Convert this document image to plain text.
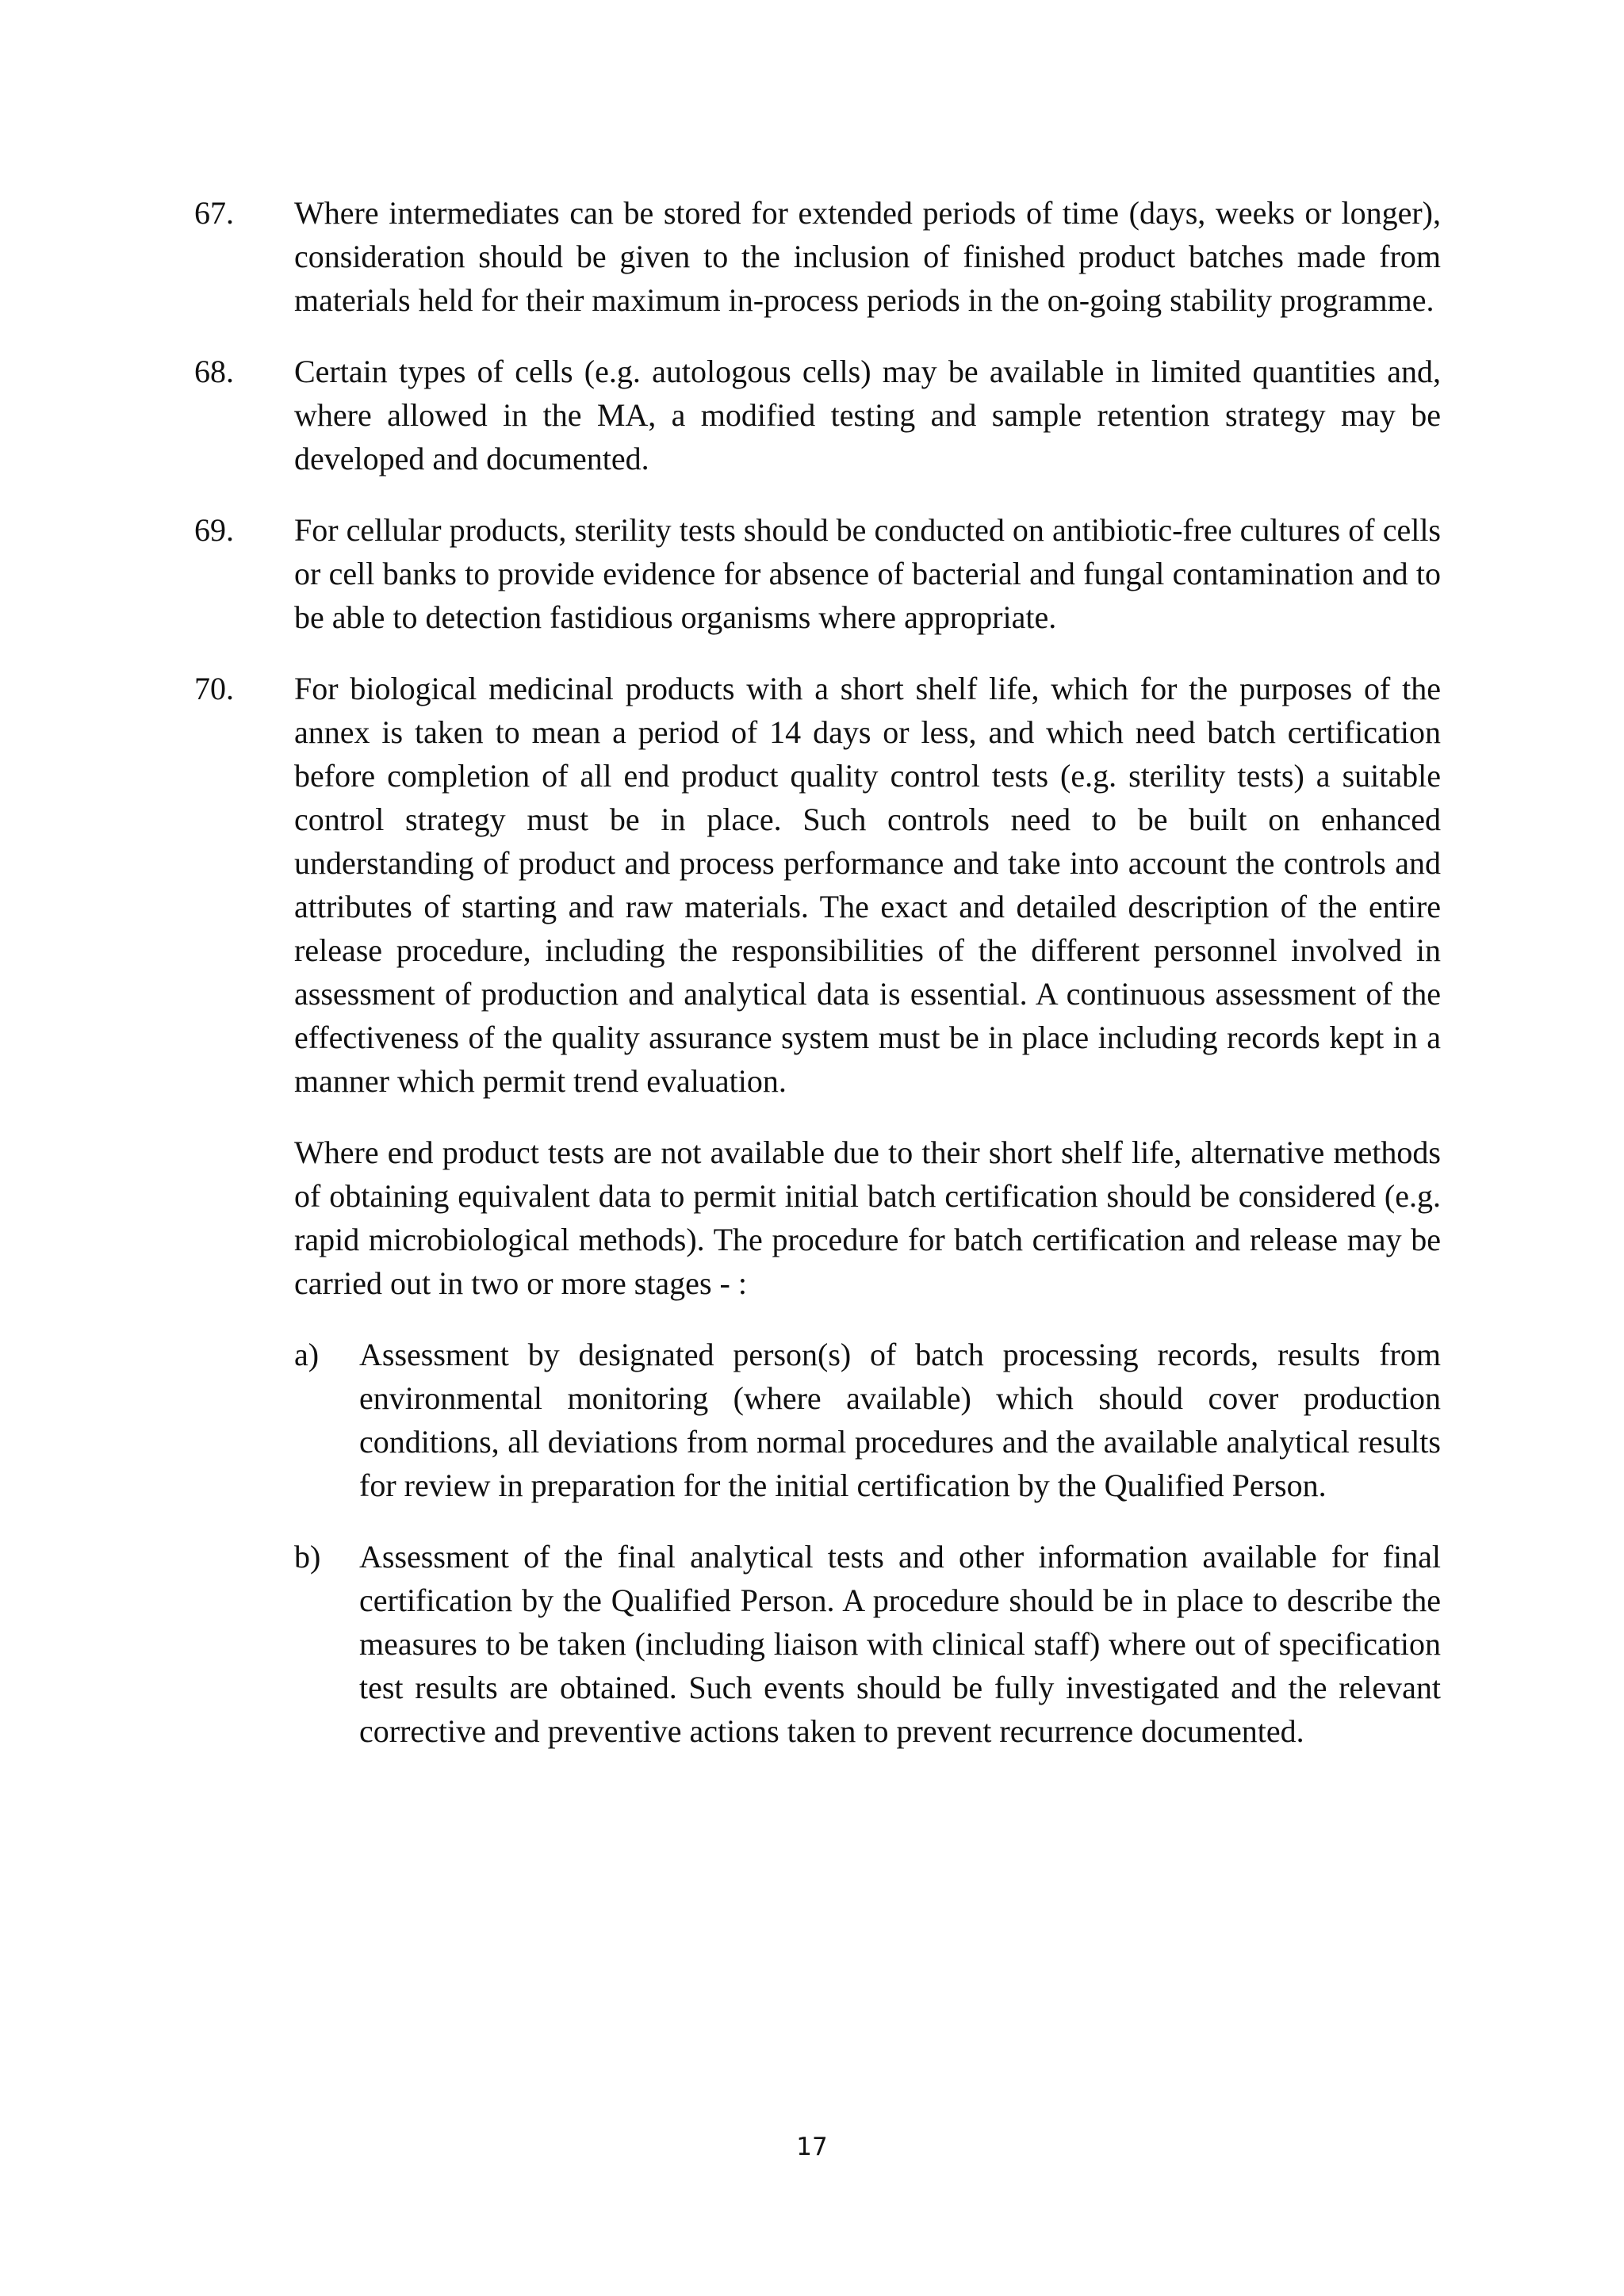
67.	Where intermediates can be stored for extended periods of time (days, weeks or longer), consideration should be given to the inclusion of finished product batches made from materials held for their maximum in-process periods in the on-going stability programme.

68.	Certain types of cells (e.g. autologous cells) may be available in limited quantities and, where allowed in the MA, a modified testing and sample retention strategy may be developed and documented.

69.	For cellular products, sterility tests should be conducted on antibiotic-free cultures of cells or cell banks to provide evidence for absence of bacterial and fungal contamination and to be able to detection fastidious organisms where appropriate.

70.	For biological medicinal products with a short shelf life, which for the purposes of the annex is taken to mean a period of 14 days or less, and which need batch certification before completion of all end product quality control tests (e.g. sterility tests) a suitable control strategy must be in place. Such controls need to be built on enhanced understanding of product and process performance and take into account the controls and attributes of starting and raw materials. The exact and detailed description of the entire release procedure, including the responsibilities of the different personnel involved in assessment of production and analytical data is essential. A continuous assessment of the effectiveness of the quality assurance system must be in place including records kept in a manner which permit trend evaluation.

Where end product tests are not available due to their short shelf life, alternative methods of obtaining equivalent data to permit initial batch certification should be considered (e.g. rapid microbiological methods). The procedure for batch certification and release may be carried out in two or more stages - :

a)	Assessment by designated person(s) of batch processing records, results from environmental monitoring (where available) which should cover production conditions, all deviations from normal procedures and the available analytical results for review in preparation for the initial certification by the Qualified Person.

b)	Assessment of the final analytical tests and other information available for final certification by the Qualified Person. A procedure should be in place to describe the measures to be taken (including liaison with clinical staff) where out of specification test results are obtained. Such events should be fully investigated and the relevant corrective and preventive actions taken to prevent recurrence documented.

17
